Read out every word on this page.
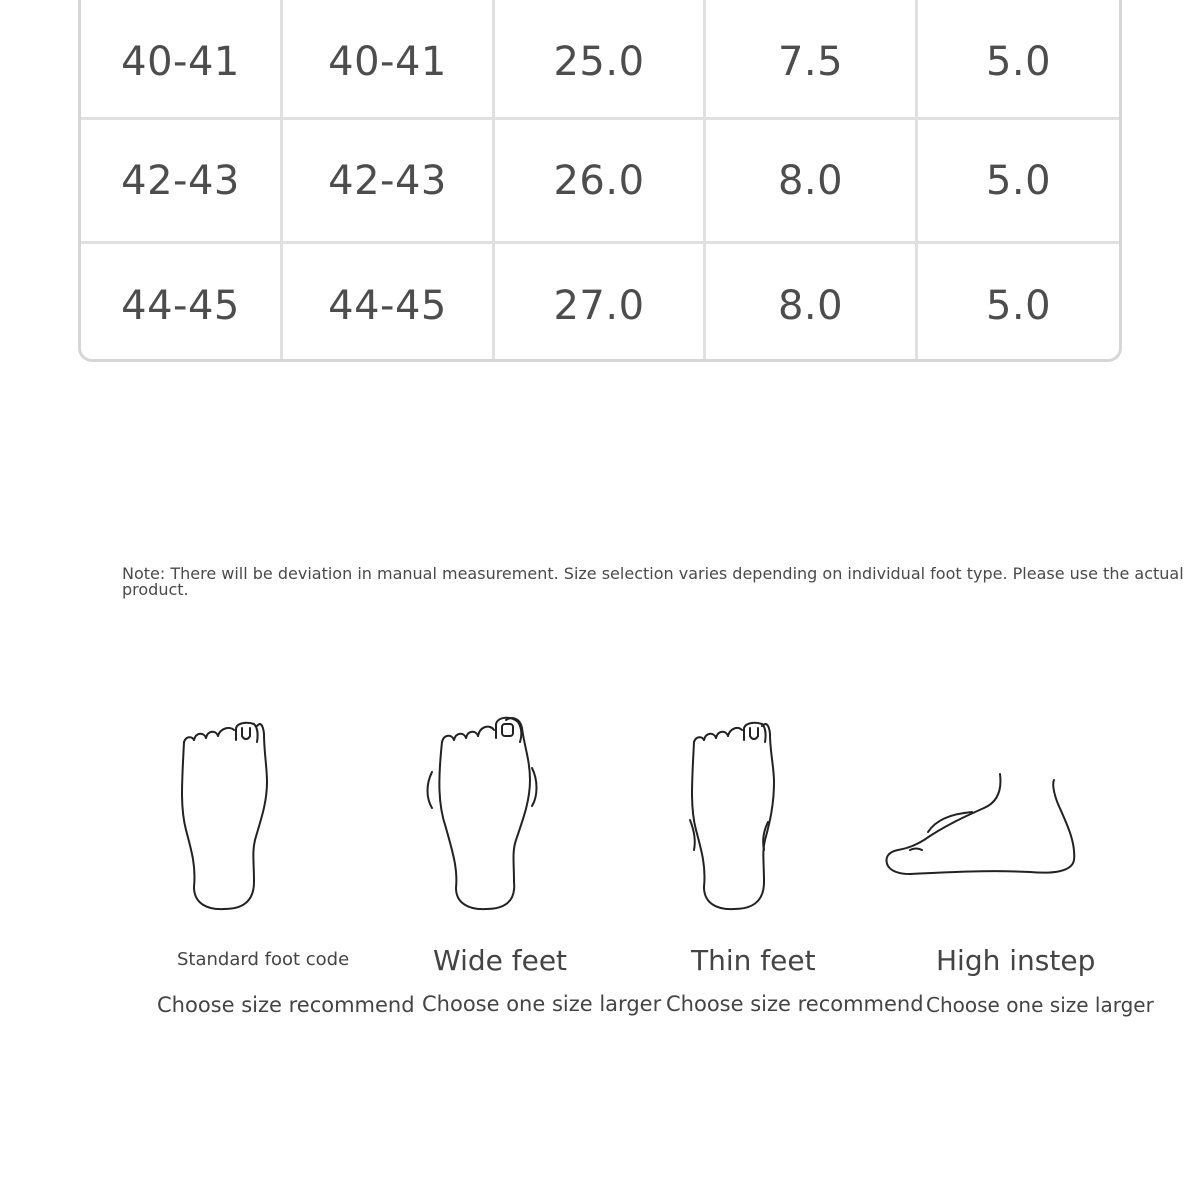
40-41	40-41	25.0	7.5	5.0
42-43	42-43	26.0	8.0	5.0
44-45	44-45	27.0	8.0	5.0
Note: There will be deviation in manual measurement. Size selection varies depending on individual foot type. Please use the actual product.
Standard foot code
Choose size recommend
Wide feet
Choose one size larger
Thin feet
Choose size recommend
High instep
Choose one size larger
